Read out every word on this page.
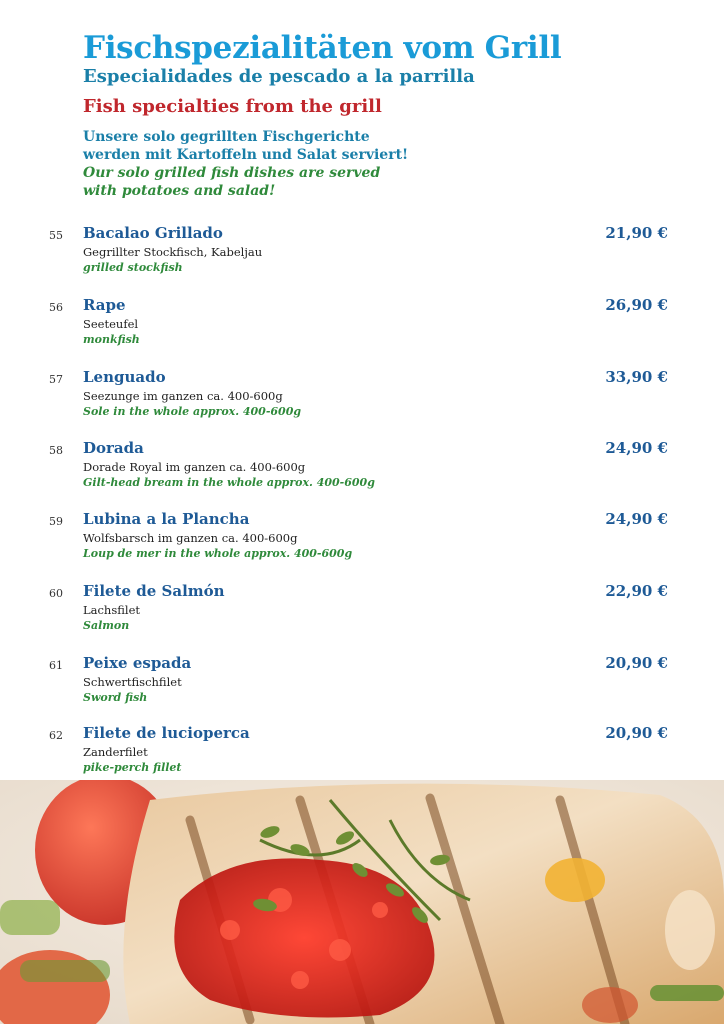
Fischspezialitäten vom Grill
Especialidades de pescado a la parrilla
Fish specialties from the grill
Unsere solo gegrillten Fischgerichte
werden mit Kartoffeln und Salat serviert!
Our solo grilled fish dishes are served
with potatoes and salad!
55 Bacalao Grillado	21,90 €
Gegrillter Stockfisch, Kabeljau
grilled stockfish
56 Rape	26,90 €
Seeteufel
monkfish
57 Lenguado	33,90 €
Seezunge im ganzen ca. 400-600g
Sole in the whole approx. 400-600g
58 Dorada	24,90 €
Dorade Royal im ganzen ca. 400-600g
Gilt-head bream in the whole approx. 400-600g
59 Lubina a la Plancha	24,90 €
Wolfsbarsch im ganzen ca. 400-600g
Loup de mer in the whole approx. 400-600g
60 Filete de Salmón	22,90 €
Lachsfilet
Salmon
61 Peixe espada	20,90 €
Schwertfischfilet
Sword fish
62 Filete de lucioperca	20,90 €
Zanderfilet
pike-perch fillet
